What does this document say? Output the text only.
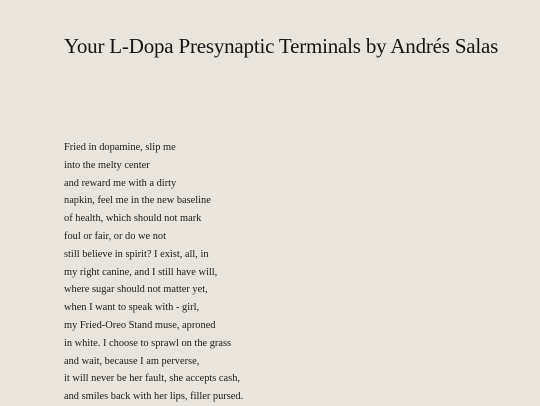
Your L-Dopa Presynaptic Terminals by Andrés Salas
Fried in dopamine, slip me
into the melty center
and reward me with a dirty
napkin, feel me in the new baseline
of health, which should not mark
foul or fair, or do we not
still believe in spirit? I exist, all, in
my right canine, and I still have will,
where sugar should not matter yet,
when I want to speak with - girl,
my Fried-Oreo Stand muse, aproned
in white. I choose to sprawl on the grass
and wait, because I am perverse,
it will never be her fault, she accepts cash,
and smiles back with her lips, filler pursed.
